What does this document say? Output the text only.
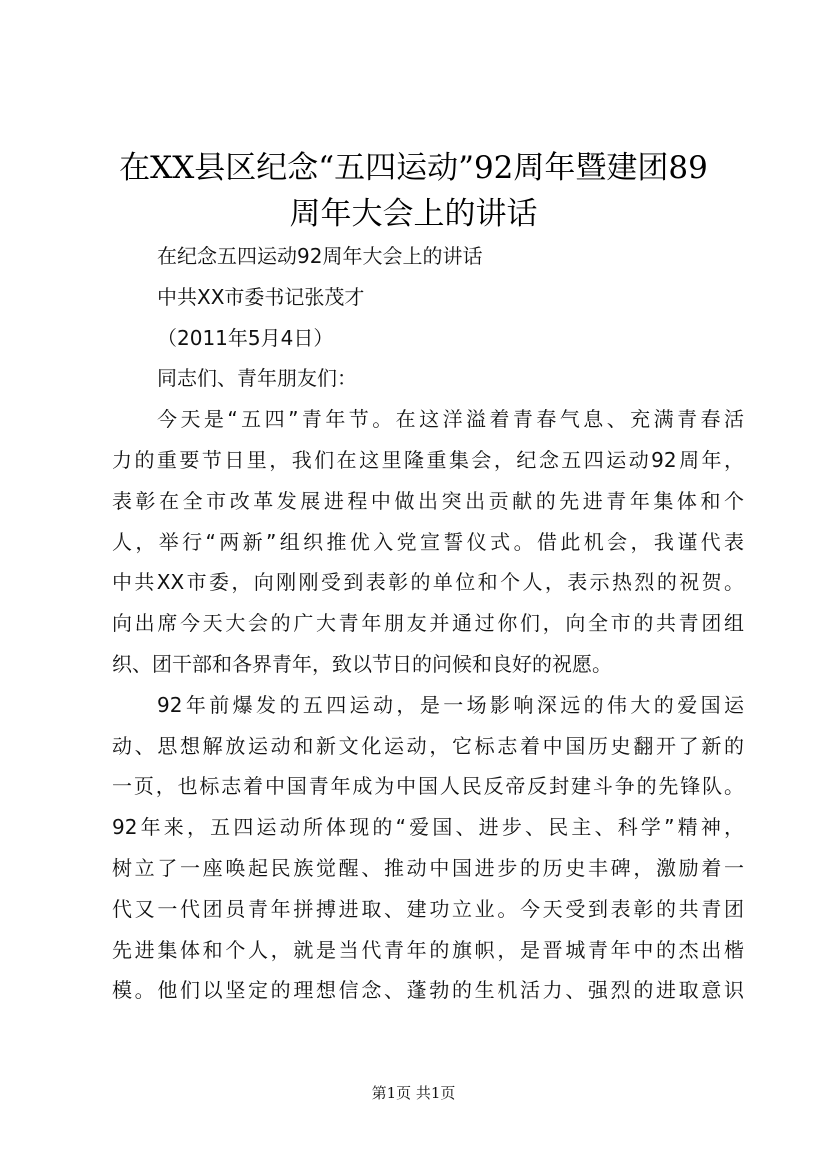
在XX县区纪念“五四运动”92周年暨建团89
周年大会上的讲话

在纪念五四运动92周年大会上的讲话

中共XX市委书记张茂才

（2011年5月4日）

同志们、青年朋友们：

今天是“五四”青年节。在这洋溢着青春气息、充满青春活

力的重要节日里，我们在这里隆重集会，纪念五四运动92周年，

表彰在全市改革发展进程中做出突出贡献的先进青年集体和个

人，举行“两新”组织推优入党宣誓仪式。借此机会，我谨代表

中共XX市委，向刚刚受到表彰的单位和个人，表示热烈的祝贺。

向出席今天大会的广大青年朋友并通过你们，向全市的共青团组

织、团干部和各界青年，致以节日的问候和良好的祝愿。

92年前爆发的五四运动，是一场影响深远的伟大的爱国运

动、思想解放运动和新文化运动，它标志着中国历史翻开了新的

一页，也标志着中国青年成为中国人民反帝反封建斗争的先锋队。

92年来，五四运动所体现的“爱国、进步、民主、科学”精神，

树立了一座唤起民族觉醒、推动中国进步的历史丰碑，激励着一

代又一代团员青年拼搏进取、建功立业。今天受到表彰的共青团

先进集体和个人，就是当代青年的旗帜，是晋城青年中的杰出楷

模。他们以坚定的理想信念、蓬勃的生机活力、强烈的进取意识

第1页 共1页
